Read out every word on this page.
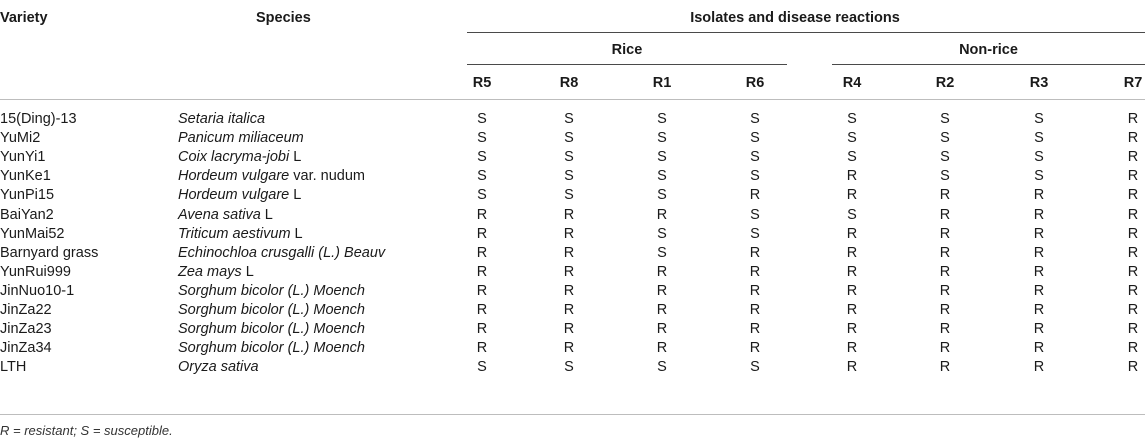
Variety	Species	Isolates and disease reactions
Rice	Non-rice
R5	R8	R1	R6	R4	R2	R3	R7
15(Ding)-13	Setaria italica	S	S	S	S	S	S	S	R
YuMi2	Panicum miliaceum	S	S	S	S	S	S	S	R
YunYi1	Coix lacryma-jobi L	S	S	S	S	S	S	S	R
YunKe1	Hordeum vulgare var. nudum	S	S	S	S	R	S	S	R
YunPi15	Hordeum vulgare L	S	S	S	R	R	R	R	R
BaiYan2	Avena sativa L	R	R	R	S	S	R	R	R
YunMai52	Triticum aestivum L	R	R	S	S	R	R	R	R
Barnyard grass	Echinochloa crusgalli (L.) Beauv	R	R	S	R	R	R	R	R
YunRui999	Zea mays L	R	R	R	R	R	R	R	R
JinNuo10-1	Sorghum bicolor (L.) Moench	R	R	R	R	R	R	R	R
JinZa22	Sorghum bicolor (L.) Moench	R	R	R	R	R	R	R	R
JinZa23	Sorghum bicolor (L.) Moench	R	R	R	R	R	R	R	R
JinZa34	Sorghum bicolor (L.) Moench	R	R	R	R	R	R	R	R
LTH	Oryza sativa	S	S	S	S	R	R	R	R
R = resistant; S = susceptible.
